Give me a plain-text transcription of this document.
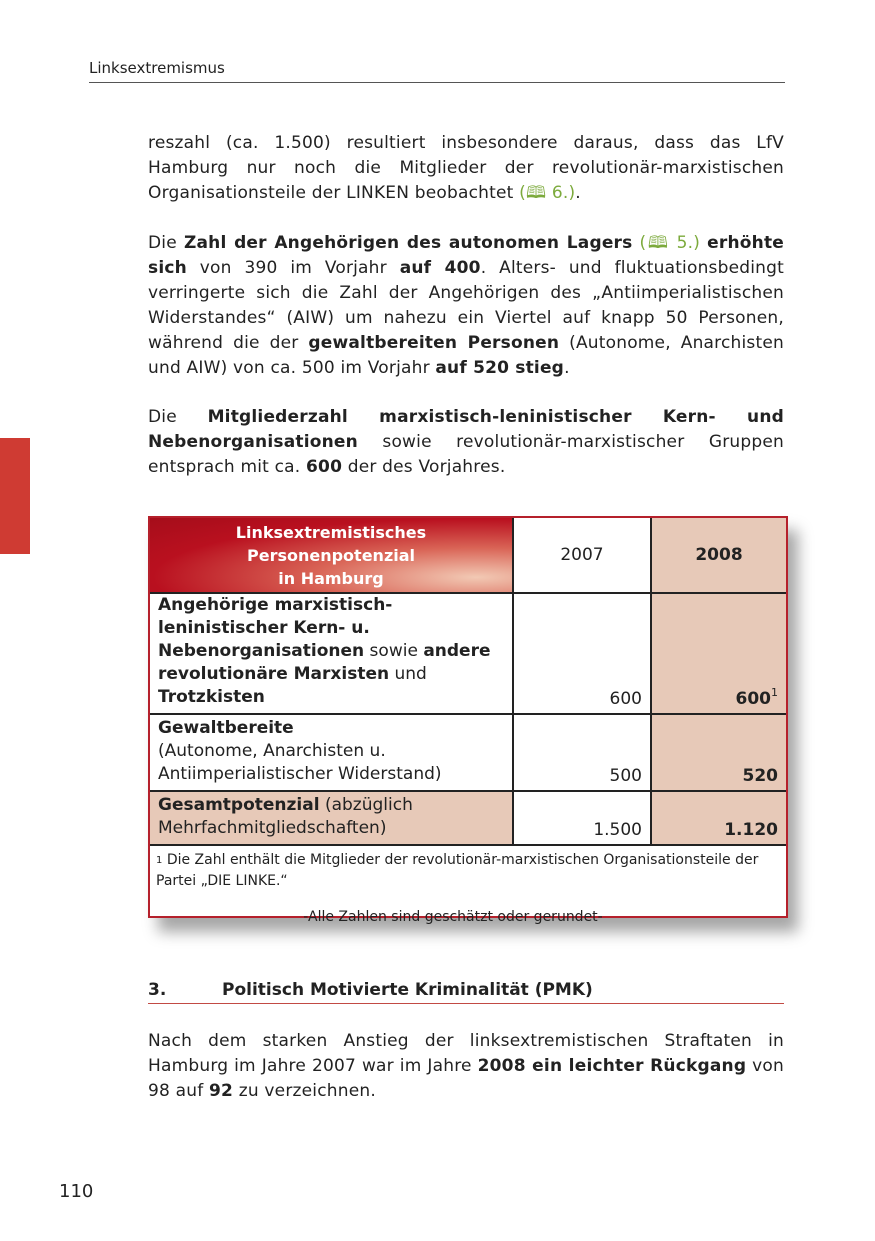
Linksextremismus
reszahl (ca. 1.500) resultiert insbesondere daraus, dass das LfV Hamburg nur noch die Mitglieder der revolutionär-marxistischen Organisationsteile der LINKEN beobachtet (🕮 6.).
Die Zahl der Angehörigen des autonomen Lagers (🕮 5.) erhöhte sich von 390 im Vorjahr auf 400. Alters- und fluktuationsbedingt verringerte sich die Zahl der Angehörigen des „Antiimperialistischen Widerstandes“ (AIW) um nahezu ein Viertel auf knapp 50 Personen, während die der gewaltbereiten Personen (Autonome, Anarchisten und AIW) von ca. 500 im Vorjahr auf 520 stieg.
Die Mitgliederzahl marxistisch-leninistischer Kern- und Nebenorganisationen sowie revolutionär-marxistischer Gruppen entsprach mit ca. 600 der des Vorjahres.
Linksextremistisches
Personenpotenzial
in Hamburg	2007	2008
Angehörige marxistisch-leninistischer Kern- u. Nebenorganisationen sowie andere revolutionäre Marxisten und Trotzkisten	600	$600^1$
Gewaltbereite
(Autonome, Anarchisten u. Antiimperialistischer Widerstand)	500	520
Gesamtpotenzial (abzüglich Mehrfachmitgliedschaften)	1.500	1.120
$^1$ Die Zahl enthält die Mitglieder der revolutionär-marxistischen Organisationsteile der Partei „DIE LINKE.“
-Alle Zahlen sind geschätzt oder gerundet-
3.	Politisch Motivierte Kriminalität (PMK)
Nach dem starken Anstieg der linksextremistischen Straftaten in Hamburg im Jahre 2007 war im Jahre 2008 ein leichter Rückgang von 98 auf 92 zu verzeichnen.
110
